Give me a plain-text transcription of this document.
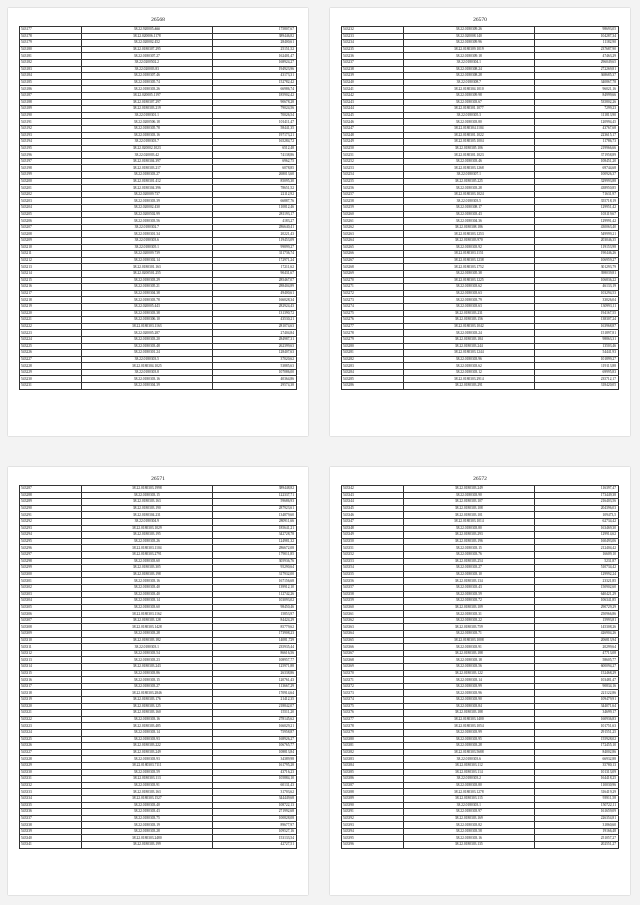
26568
543177	38.22.920005.###	175807,67
543178	38.22.020006.1178	389446,82
543179	38.22.020002.452	28400,61
543180	38.22.0180307.295	25151,52
543181	38.22.0180307.27	162401,47
543182	38.22.0200502.2	168924,27
543183	38.22.020003.83	194923,96
543184	38.22.0180307.46	43173,31
543185	38.22.0180305.74	152782,42
543186	38.22.0180303.26	66986,74
543187	38.22.020005.1197	185902,42
543188	38.22.0180307.297	90678,28
543189	38.22.0180303.219	79024,56
543190	38.22.0180301.1	70026,54
543191	38.22.0200506.18	101411,47
543192	38.22.0180305.78	58441,35
543193	38.22.0180303.16	197173,21
543194	38.22.0180303.7	165284,72
543195	38.22.020002.1023	6512,48
543196	38.22.020003.42	74138,86
543197	38.22.0180304.397	6962,75
543198	38.22.0180303.217	6078,85
543199	38.22.0180303.27	268013,60
543200	38.22.0180301.412	85095,30
543201	38.22.0180304.396	78651,52
543202	38.22.020009.737	22112,92
543203	38.22.0180303.39	66887,76
543204	38.22.020002.430	110812,46
543205	38.22.0200502.99	281193,17
543206	38.22.0180303.56	4183,27
543207	38.22.0180302.7	286640,41
543208	38.22.0180301.34	20221,43
543209	38.22.0180303.6	119453,09
543210	38.22.0180305.1	99899,27
543211	38.22.020009.739	311736,74
543212	38.22.0180302.14	172971,24
543213	38.22.0180301.163	17211,62
543214	38.22.0200501.255	90431,67
543215	38.22.0180303.29	285467,07
543216	38.22.0180305.21	288404,89
543217	38.22.0180304.38	49400,61
543218	38.22.0180303.78	166028,34
543219	38.22.020005.443	282924,43
543220	38.22.0180303.38	131390,72
543221	38.22.0180306.10	43530,21
543222	38.22.0180303.1163	281074,63
543223	38.22.020005.287	27404,84
543224	38.22.0180303.20	284987,31
543225	38.22.0180303.48	262399,63
543226	38.22.0180301.24	128407,63
543227	38.22.0180303.5	37020,62
543228	38.22.0180304.1025	53885,63
543229	38.22.0180303.8	107086,00
543230	38.22.0180303.16	40364,86
543231	38.22.0180304.39	29574,38
26570
543232	38.22.0180309.26	98693,05
543233	38.22.020008.140	104287,34
543234	38.22.0180309.96	11182,90
543235	38.22.0180309.1019	237687,90
543236	38.22.0180309.18	47463,29
543237	38.22.0180304.1	296049,65
543238	38.22.0180308.24	272269,81
543239	38.22.0180308.28	368685,37
543240	38.22.0180308.7	340867,78
543241	38.22.0180304.1010	96021,16
543242	38.22.0180309.98	84999,66
543243	38.22.0180303.67	535802,26
543244	38.22.0180301.1077	7299,23
543245	38.22.0180305.3	111813,90
543246	38.22.0180303.80	120994,45
543247	38.22.0180304.1104	43767,68
543248	38.22.0180301.1022	223615,17
543249	38.22.0180305.1004	11786,73
543250	38.22.0180305.106	219966,66
543251	38.22.0180301.1023	371958,89
543252	38.22.0180303.46	108451,20
543253	38.22.0180303.1268	69744,68
543254	38.22.0180307.1	100926,37
543255	38.22.0180305.225	329993,88
543256	38.22.0180303.28	438950,85
543257	38.22.0180303.1024	71631,97
543258	38.22.0180303.5	355718,19
543259	38.22.0180308.17	129951,42
543260	38.22.0180303.43	103119,67
543261	38.22.0180304.36	129991,42
543262	38.22.0180308.186	430063,40
543263	38.22.0180303.1253	549999,21
543264	38.22.0180303.970	203046,35
543265	38.22.0180303.92	119153,98
543266	38.22.0180303.1151	190446,26
543267	38.22.0180303.1238	106959,27
543268	38.22.0180303.1752	301293,79
543269	38.22.0180305.38	398039,81
543270	38.22.0180303.1225	106836,22
543271	38.22.0180303.62	46133,19
543272	38.22.0180303.63	103294,53
543273	38.22.0180303.79	33026,04
543274	38.22.0180303.63	130993,11
543275	38.22.0180303.231	194167,55
543276	38.22.0180303.156	138307,24
543277	38.22.0180303.1042	163968,87
543278	38.22.0180303.24	151897,81
543279	38.22.0180303.184	98863,31
543280	38.22.0180303.244	13503,46
543281	38.22.0180303.1244	54441,93
543282	38.22.0180303.96	101899,27
543283	38.22.0180303.62	119113,88
543284	38.22.0180303.12	69995,83
543285	38.22.0180303.2914	235712,17
543286	38.22.0180303.291	318420,05
26571
543287	38.22.0180303.1998	389448,82
543288	38.22.0180303.15	122337,71
543289	38.22.0180303.163	59686,93
543290	38.22.0180303.190	287923,61
543291	38.22.0180304.231	134879,60
543292	38.22.0180304.9	280911,66
543293	38.22.0180303.1029	185641,21
543294	38.22.0180303.195	342728,78
543295	38.22.0180303.26	124981,32
543296	38.22.0180303.1104	286672,08
543297	38.22.0180303.2791	179011,85
543298	38.22.0180303.60	305936,76
543299	38.22.0180303.305	95290,64
543300	38.22.0180303.198	317932,00
543301	38.22.0180303.16	167156,68
543302	38.22.0180303.40	139912,10
543303	38.22.0180303.40	112742,26
543304	38.22.0180303.14	103093,02
543305	38.22.0180303.60	98450,46
543306	38.22.0180303.1162	15853,97
543307	38.22.0180303.128	84424,29
543308	38.22.0180303.1428	85779,62
543309	38.22.0180303.28	173908,23
543310	38.22.0180303.182	14081,729
543311	38.22.0180303.1	235935,44
543312	38.22.0180303.54	86616,56
543313	38.22.0180303.23	108957,77
543314	38.22.0180303.243	125971,88
543315	38.22.0180303.86	26338,86
543316	38.22.0180303.15	120761,43
543317	38.22.0180303.27	113667,29
543318	38.22.0180303.2846	170914,64
543319	38.22.0180303.176	21412,35
543320	38.22.0180303.125	218842,07
543321	38.22.0180303.160	15511,20
543322	38.22.0180303.16	278145,62
543323	38.22.0180303.485	166029,21
543324	38.22.0180303.14	75958,87
543325	38.22.0180303.93	168926,27
543326	38.22.0180303.222	106765,77
543327	38.22.0180303.249	108813,84
543328	38.22.0180303.93	34389,98
543329	38.22.0180303.7111	161795,28
543330	38.22.0180303.59	43716,23
543331	38.22.0180303.113	105884,10
543332	38.22.0180303.91	60131,43
543333	38.22.0180303.163	31703,62
543334	38.22.0180303.1527	344449,68
543335	38.22.0180303.40	108722,13
543336	38.22.0180303.43	271992,68
543337	38.22.0180303.75	100828,08
543338	38.22.0180303.19	89677,97
543339	38.22.0180303.28	109527,16
543340	38.22.0180303.2480	153133,54
543341	38.22.0180303.199	42727,51
26572
543342	38.22.0180303.249	116397,47
543343	38.22.0180303.90	173449,38
543344	38.22.0180303.107	216403,56
543345	38.22.0180303.108	204396,03
543346	38.22.0180303.101	109473,5
543347	38.22.0180303.1014	62734,42
543348	38.22.0180303.80	163469,30
543349	38.22.0180303.293	129914,62
543350	38.22.0180303.196	160493,06
543351	38.22.0180303.15	212404,42
543352	38.22.0180303.76	16609,10
543353	38.22.0180303.254	5231,87
543354	38.22.0180303.27	510734,42
543355	38.22.0180303.10	129992,24
543356	38.22.0180303.134	23321,85
543357	38.22.0180303.43	150902,60
543358	38.22.0180303.59	640421,29
543359	38.22.0180303.72	106341,85
543360	38.22.0180303.109	290729,29
543361	38.22.0180303.31	250966,86
543362	38.22.0180303.22	15993,81
543363	38.22.0180303.759	145308,26
543364	38.22.0180303.71	426904,26
543365	38.22.0180303.1008	206813,94
543366	38.22.0180303.91	20299,64
543367	38.22.0180303.188	47713,08
543368	38.22.0180303.18	58605,77
543369	38.22.0180303.56	600094,27
543370	38.22.0180303.122	152468,29
543371	38.22.0180303.14	103481,47
543372	38.22.0180303.99	90834,16
543373	38.22.0180303.96	221122,86
543374	38.22.0180303.90	109479,91
543375	38.22.0180303.84	344071,64
543376	38.22.0180303.188	34699,17
543377	38.22.0180303.1400	160936,83
543378	38.22.0180303.1054	101751,63
543379	38.22.0180303.99	291551,25
543380	38.22.0180303.95	155928,02
543381	38.22.0180303.28	172455,10
543382	38.22.0180303.5688	84002,86
543383	38.22.0180303.6	66932,88
543384	38.22.0180303.112	35780,13
543385	38.22.0180303.114	101313,09
543386	38.22.0180303.2	164418,25
543387	38.22.0180303.80	110030,96
543388	38.22.0180303.1278	316419,29
543389	38.22.0180303.115	93911,58
543390	38.22.0180303.1	150722,11
543391	38.22.0180303.97	161659,09
543392	38.22.0180303.169	226354,81
543393	38.22.0180303.82	31860,60
543394	38.22.0180303.58	19166,48
543395	38.22.0180303.16	251057,27
543396	38.22.0180303.135	202551,27
